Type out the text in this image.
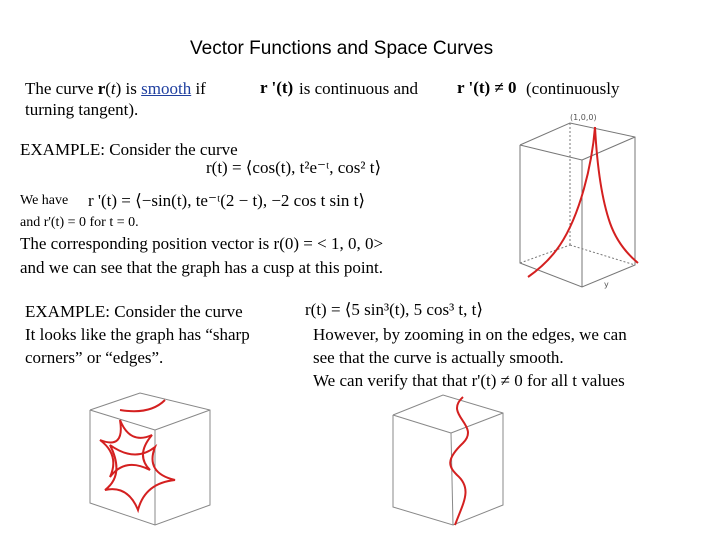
Vector Functions and Space Curves
The curve r(t) is smooth if	r '(t) is continuous and r '(t) ≠ 0 (continuously
turning tangent).
EXAMPLE: Consider the curve
r(t) = ⟨cos(t), t²e⁻ᵗ, cos² t⟩
We have r '(t) = ⟨−sin(t), te⁻ᵗ(2 − t), −2 cos t sin t⟩
and r'(t) = 0 for t = 0.
The corresponding position vector is r(0) = < 1, 0, 0>
and we can see that the graph has a cusp at this point.
(1,0,0)
y
EXAMPLE: Consider the curve	r(t) = ⟨5 sin³(t), 5 cos³ t, t⟩
It looks like the graph has “sharp
corners” or “edges”.
However, by zooming in on the edges, we can
see that the curve is actually smooth.
We can verify that that r'(t) ≠ 0 for all t values
